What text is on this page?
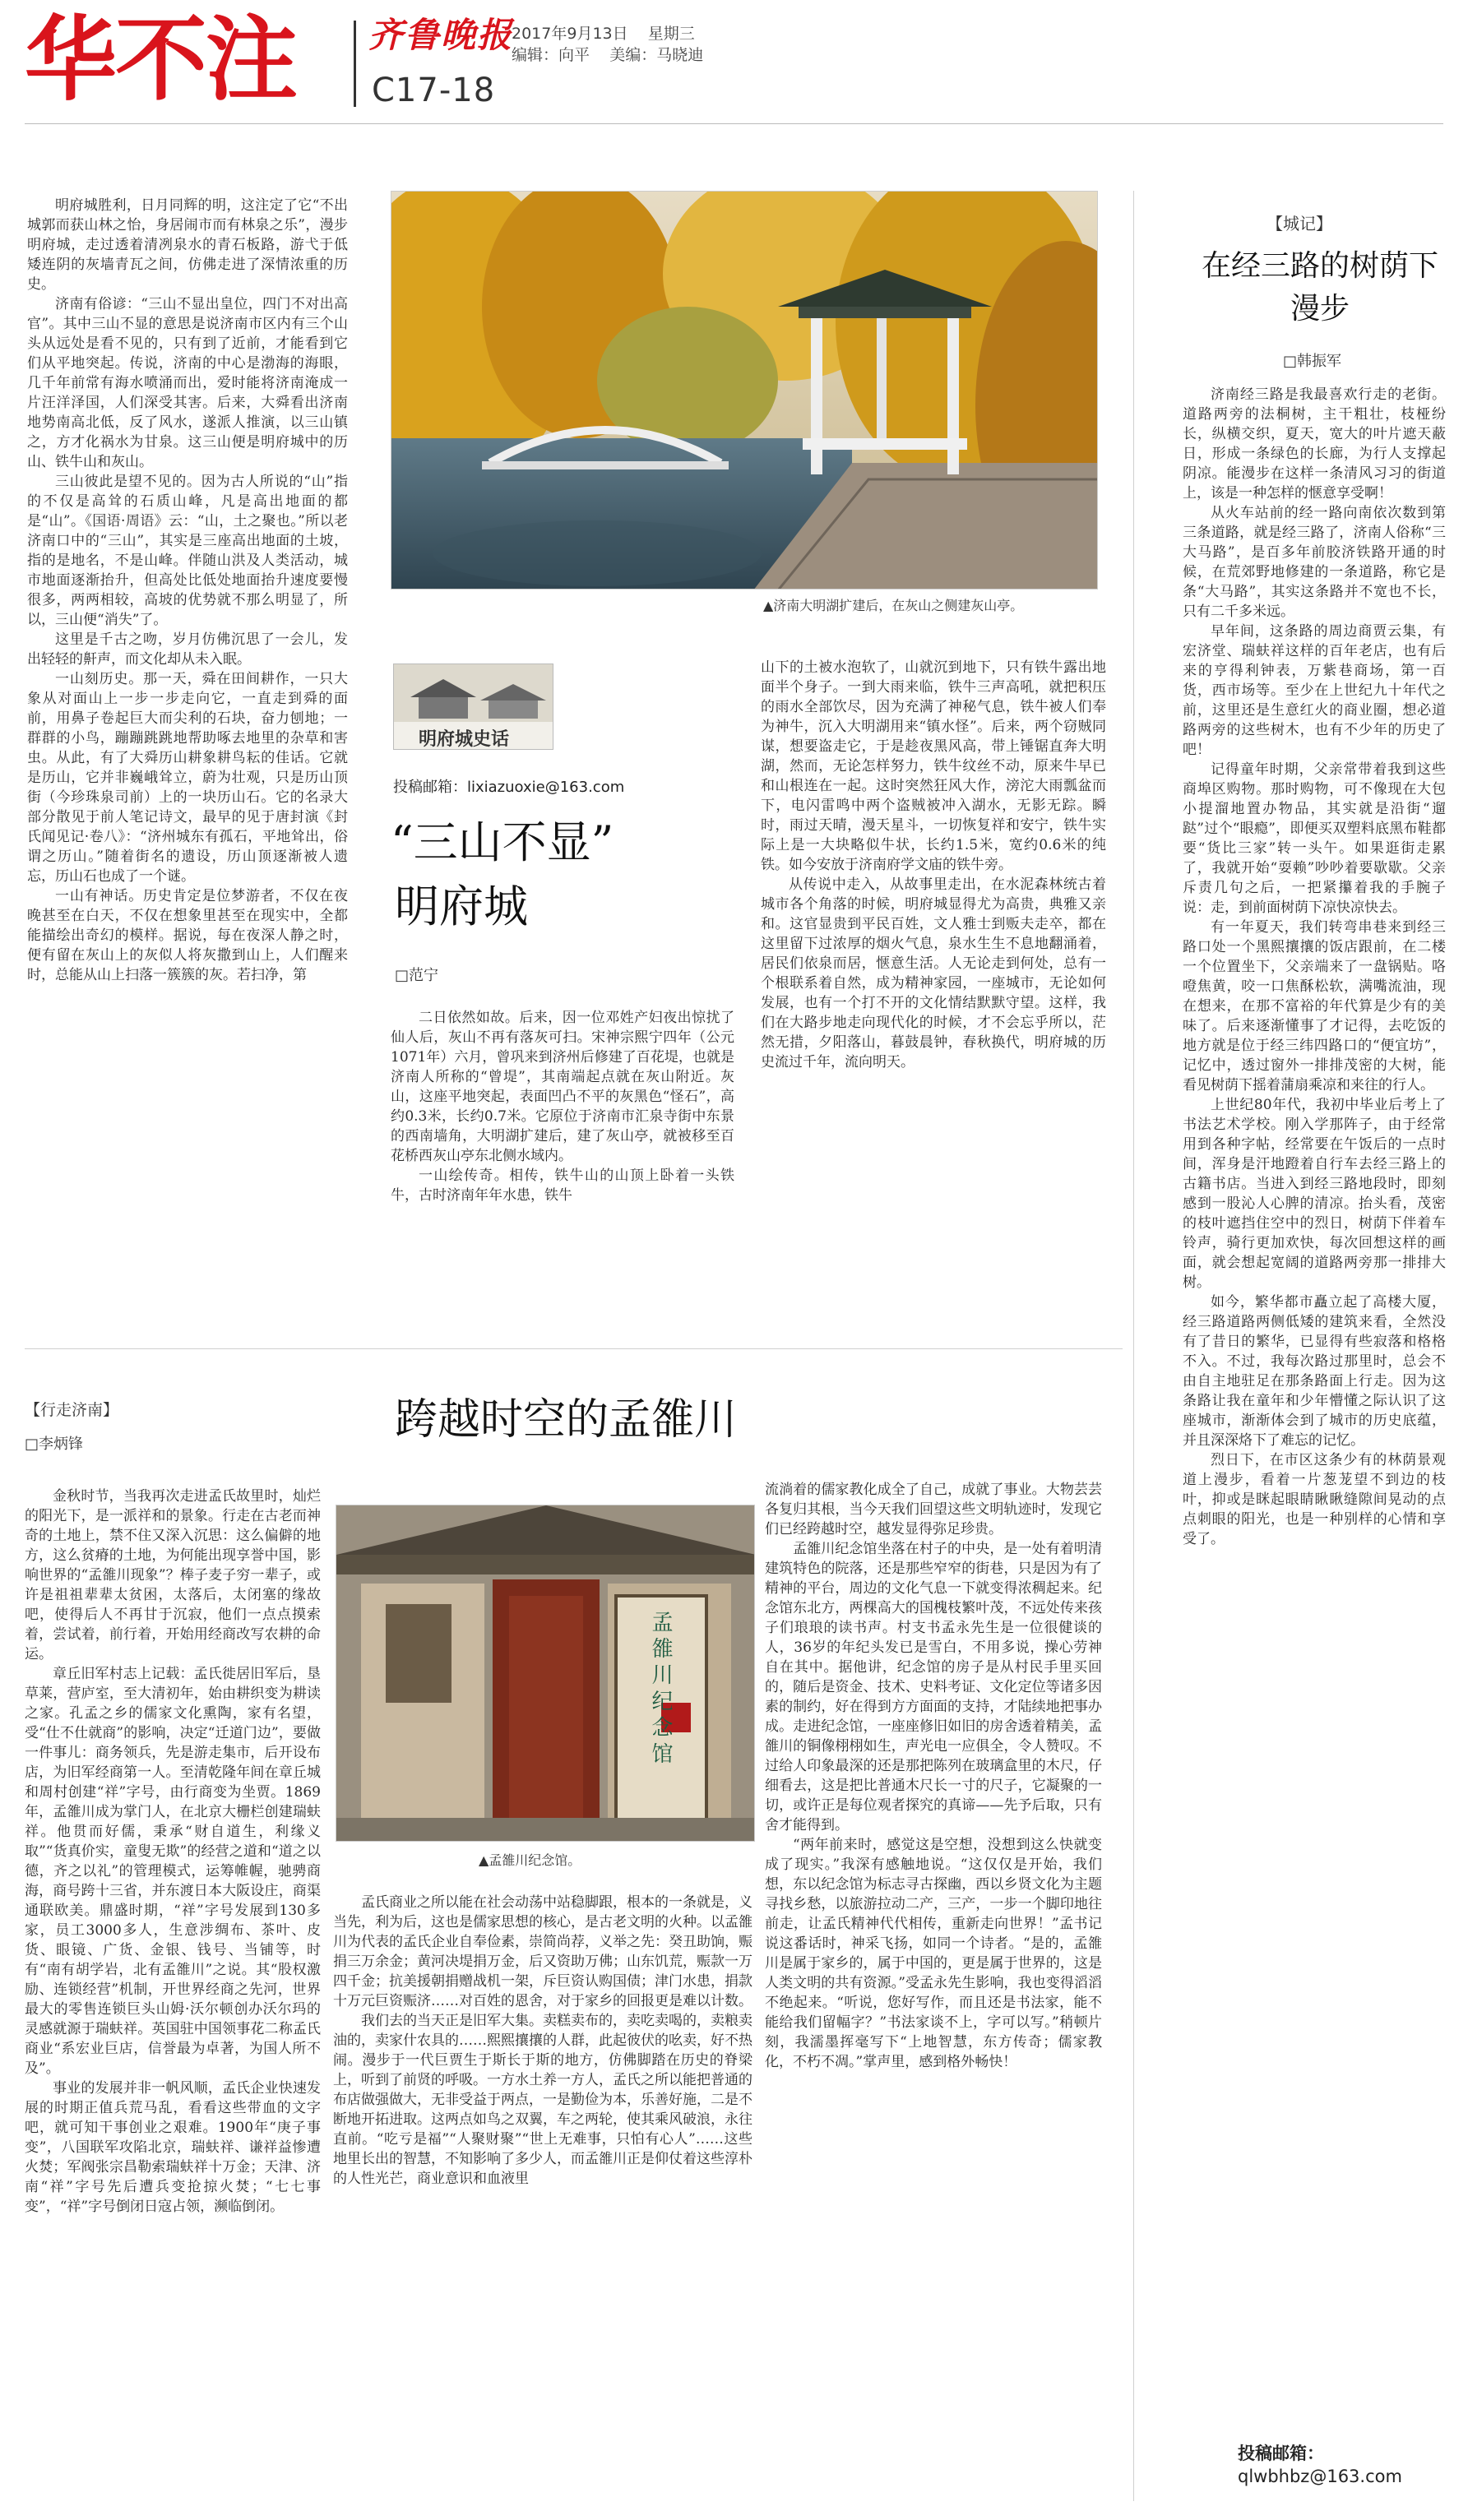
华不注 齐鲁晚报
2017年9月13日 星期三
编辑：向平 美编：马晓迪
C17-18

明府城胜利，日月同辉的明，这注定了它“不出城郭而获山林之怡，身居闹市而有林泉之乐”，漫步明府城，走过透着清冽泉水的青石板路，游弋于低矮连阴的灰墙青瓦之间，仿佛走进了深情浓重的历史。

济南有俗谚：“三山不显出皇位，四门不对出高官”。其中三山不显的意思是说济南市区内有三个山头从远处是看不见的，只有到了近前，才能看到它们从平地突起。传说，济南的中心是渤海的海眼，几千年前常有海水喷涌而出，爱时能将济南淹成一片汪洋泽国，人们深受其害。后来，大舜看出济南地势南高北低，反了风水，遂派人推演，以三山镇之，方才化祸水为甘泉。这三山便是明府城中的历山、铁牛山和灰山。

三山彼此是望不见的。因为古人所说的“山”指的不仅是高耸的石质山峰，凡是高出地面的都是“山”。《国语·周语》云：“山，土之聚也。”所以老济南口中的“三山”，其实是三座高出地面的土坡，指的是地名，不是山峰。伴随山洪及人类活动，城市地面逐渐抬升，但高处比低处地面抬升速度要慢很多，两两相较，高坡的优势就不那么明显了，所以，三山便“消失”了。

这里是千古之吻，岁月仿佛沉思了一会儿，发出轻轻的鼾声，而文化却从未入眠。

一山刻历史。那一天，舜在田间耕作，一只大象从对面山上一步一步走向它，一直走到舜的面前，用鼻子卷起巨大而尖利的石块，奋力刨地；一群群的小鸟，蹦蹦跳跳地帮助啄去地里的杂草和害虫。从此，有了大舜历山耕象耕鸟耘的佳话。它就是历山，它并非巍峨耸立，蔚为壮观，只是历山顶街（今珍珠泉司前）上的一块历山石。它的名录大部分散见于前人笔记诗文，最早的见于唐封演《封氏闻见记·卷八》：“济州城东有孤石，平地耸出，俗谓之历山。”随着街名的遗设，历山顶逐渐被人遗忘，历山石也成了一个谜。

一山有神话。历史肯定是位梦游者，不仅在夜晚甚至在白天，不仅在想象里甚至在现实中，全都能描绘出奇幻的模样。据说，每在夜深人静之时，便有留在灰山上的灰似人将灰撒到山上，人们醒来时，总能从山上扫落一簇簇的灰。若扫净，第

▲济南大明湖扩建后，在灰山之侧建灰山亭。
明府城史话
投稿邮箱：lixiazuoxie@163.com
“三山不显”
明府城
□范宁

二日依然如故。后来，因一位邓姓产妇夜出惊扰了仙人后，灰山不再有落灰可扫。宋神宗熙宁四年（公元1071年）六月，曾巩来到济州后修建了百花堤，也就是济南人所称的“曾堤”，其南端起点就在灰山附近。灰山，这座平地突起，表面凹凸不平的灰黑色“怪石”，高约0.3米，长约0.7米。它原位于济南市汇泉寺街中东景的西南墙角，大明湖扩建后，建了灰山亭，就被移至百花桥西灰山亭东北侧水域内。

一山绘传奇。相传，铁牛山的山顶上卧着一头铁牛，古时济南年年水患，铁牛

山下的土被水泡软了，山就沉到地下，只有铁牛露出地面半个身子。一到大雨来临，铁牛三声高吼，就把积压的雨水全部饮尽，因为充满了神秘气息，铁牛被人们奉为神牛，沉入大明湖用来“镇水怪”。后来，两个窃贼同谋，想要盗走它，于是趁夜黑风高，带上锤锯直奔大明湖，然而，无论怎样努力，铁牛纹丝不动，原来牛早已和山根连在一起。这时突然狂风大作，滂沱大雨瓢盆而下，电闪雷鸣中两个盗贼被冲入湖水，无影无踪。瞬时，雨过天晴，漫天星斗，一切恢复祥和安宁，铁牛实际上是一大块略似牛状，长约1.5米，宽约0.6米的纯铁。如今安放于济南府学文庙的铁牛旁。

从传说中走入，从故事里走出，在水泥森林统古着城市各个角落的时候，明府城显得尤为高贵，典雅又亲和。这官显贵到平民百姓，文人雅士到贩夫走卒，都在这里留下过浓厚的烟火气息，泉水生生不息地翻涌着，居民们依泉而居，惬意生活。人无论走到何处，总有一个根联系着自然，成为精神家园，一座城市，无论如何发展，也有一个打不开的文化情结默默守望。这样，我们在大路步地走向现代化的时候，才不会忘乎所以，茫然无措，夕阳落山，暮鼓晨钟，春秋换代，明府城的历史流过千年，流向明天。

【城记】
在经三路的树荫下
漫步
□韩振军

济南经三路是我最喜欢行走的老街。道路两旁的法桐树，主干粗壮，枝桠纷长，纵横交织，夏天，宽大的叶片遮天蔽日，形成一条绿色的长廊，为行人支撑起阴凉。能漫步在这样一条清风习习的街道上，该是一种怎样的惬意享受啊！

从火车站前的经一路向南依次数到第三条道路，就是经三路了，济南人俗称“三大马路”，是百多年前胶济铁路开通的时候，在荒郊野地修建的一条道路，称它是条“大马路”，其实这条路并不宽也不长，只有二千多米远。

早年间，这条路的周边商贾云集，有宏济堂、瑞蚨祥这样的百年老店，也有后来的亨得利钟表，万紫巷商场，第一百货，西市场等。至少在上世纪九十年代之前，这里还是生意红火的商业圈，想必道路两旁的这些树木，也有不少年的历史了吧！

记得童年时期，父亲常带着我到这些商埠区购物。那时购物，可不像现在大包小提溜地置办物品，其实就是沿街“遛跶”过个“眼瘾”，即便买双塑料底黑布鞋都要“货比三家”转一头午。如果逛街走累了，我就开始“耍赖”吵吵着要歇歇。父亲斥责几句之后，一把紧攥着我的手腕子说：走，到前面树荫下凉快凉快去。

有一年夏天，我们转弯串巷来到经三路口处一个黑熙攘攘的饭店跟前，在二楼一个位置坐下，父亲端来了一盘锅贴。咯噔焦黄，咬一口焦酥松软，满嘴流油，现在想来，在那不富裕的年代算是少有的美味了。后来逐渐懂事了才记得，去吃饭的地方就是位于经三纬四路口的“便宜坊”，记忆中，透过窗外一排排茂密的大树，能看见树荫下摇着蒲扇乘凉和来往的行人。

上世纪80年代，我初中毕业后考上了书法艺术学校。刚入学那阵子，由于经常用到各种字帖，经常要在午饭后的一点时间，浑身是汗地蹬着自行车去经三路上的古籍书店。当进入到经三路地段时，即刻感到一股沁人心脾的清凉。抬头看，茂密的枝叶遮挡住空中的烈日，树荫下伴着车铃声，骑行更加欢快，每次回想这样的画面，就会想起宽阔的道路两旁那一排排大树。

如今，繁华都市矗立起了高楼大厦，经三路道路两侧低矮的建筑来看，全然没有了昔日的繁华，已显得有些寂落和格格不入。不过，我每次路过那里时，总会不由自主地驻足在那条路面上行走。因为这条路让我在童年和少年懵懂之际认识了这座城市，渐渐体会到了城市的历史底蕴，并且深深烙下了难忘的记忆。

烈日下，在市区这条少有的林荫景观道上漫步，看着一片葱茏望不到边的枝叶，抑或是眯起眼睛瞅瞅缝隙间晃动的点点刺眼的阳光，也是一种别样的心情和享受了。

投稿邮箱：
qlwbhbz@163.com
【行走济南】
□李炳锋	跨越时空的孟雒川
孟雒川纪念馆
▲孟雒川纪念馆。

金秋时节，当我再次走进孟氏故里时，灿烂的阳光下，是一派祥和的景象。行走在古老而神奇的土地上，禁不住又深入沉思：这么偏僻的地方，这么贫瘠的土地，为何能出现享誉中国，影响世界的“孟雒川现象”？棒子麦子穷一辈子，或许是祖祖辈辈太贫困，太落后，太闭塞的缘故吧，使得后人不再甘于沉寂，他们一点点摸索着，尝试着，前行着，开始用经商改写农耕的命运。

章丘旧军村志上记载：孟氏徙居旧军后，垦草莱，营庐室，至大清初年，始由耕织变为耕读之家。孔孟之乡的儒家文化熏陶，家有名望，受“仕不仕就商”的影响，决定“迁道门边”，要做一件事儿：商务领兵，先是游走集市，后开设布店，为旧军经商第一人。至清乾隆年间在章丘城和周村创建“祥”字号，由行商变为坐贾。1869年，孟雒川成为掌门人，在北京大栅栏创建瑞蚨祥。他贯而好儒，秉承“财自道生，利缘义取”“货真价实，童叟无欺”的经营之道和“道之以德，齐之以礼”的管理模式，运筹帷幄，驰骋商海，商号跨十三省，并东渡日本大阪设庄，商渠通联欧美。鼎盛时期，“祥”字号发展到130多家，员工3000多人，生意涉绸布、茶叶、皮货、眼镜、广货、金银、钱号、当铺等，时有“南有胡学岩，北有孟雒川”之说。其“股权激励、连锁经营”机制，开世界经商之先河，世界最大的零售连锁巨头山姆·沃尔顿创办沃尔玛的灵感就源于瑞蚨祥。英国驻中国领事花二称孟氏商业“系宏业巨店，信誉最为卓著，为国人所不及”。

事业的发展并非一帆风顺，孟氏企业快速发展的时期正值兵荒马乱，看看这些带血的文字吧，就可知干事创业之艰难。1900年“庚子事变”，八国联军攻陷北京，瑞蚨祥、谦祥益惨遭火焚；军阀张宗昌勒索瑞蚨祥十万金；天津、济南“祥”字号先后遭兵变抢掠火焚；“七七事变”，“祥”字号倒闭日寇占领，濒临倒闭。

孟氏商业之所以能在社会动荡中站稳脚跟，根本的一条就是，义当先，利为后，这也是儒家思想的核心，是古老文明的火种。以孟雒川为代表的孟氏企业自奉俭素，崇简尚荐，义举之先：癸丑助饷，赈捐三万余金；黄河决堤捐万金，后又资助万佛；山东饥荒，赈款一万四千金；抗美援朝捐赠战机一架，斥巨资认购国债；津门水患，捐款十万元巨资赈济……对百姓的恩舍，对于家乡的回报更是难以计数。

我们去的当天正是旧军大集。卖糕卖布的，卖吃卖喝的，卖粮卖油的，卖家什农具的……熙熙攘攘的人群，此起彼伏的吆卖，好不热闹。漫步于一代巨贾生于斯长于斯的地方，仿佛脚踏在历史的脊梁上，听到了前贤的呼吸。一方水土养一方人，孟氏之所以能把普通的布店做强做大，无非受益于两点，一是勤俭为本，乐善好施，二是不断地开拓进取。这两点如鸟之双翼，车之两轮，使其乘风破浪，永往直前。“吃亏是福”“人聚财聚”“世上无难事，只怕有心人”……这些地里长出的智慧，不知影响了多少人，而孟雒川正是仰仗着这些淳朴的人性光芒，商业意识和血液里

流淌着的儒家教化成全了自己，成就了事业。大物芸芸各复归其根，当今天我们回望这些文明轨迹时，发现它们已经跨越时空，越发显得弥足珍贵。

孟雒川纪念馆坐落在村子的中央，是一处有着明清建筑特色的院落，还是那些窄窄的街巷，只是因为有了精神的平台，周边的文化气息一下就变得浓稠起来。纪念馆东北方，两棵高大的国槐枝繁叶茂，不远处传来孩子们琅琅的读书声。村支书孟永先生是一位很健谈的人，36岁的年纪头发已是雪白，不用多说，操心劳神自在其中。据他讲，纪念馆的房子是从村民手里买回的，随后是资金、技术、史料考证、文化定位等诸多因素的制约，好在得到方方面面的支持，才陆续地把事办成。走进纪念馆，一座座修旧如旧的房舍透着精美，孟雒川的铜像栩栩如生，声光电一应俱全，令人赞叹。不过给人印象最深的还是那把陈列在玻璃盒里的木尺，仔细看去，这是把比普通木尺长一寸的尺子，它凝聚的一切，或许正是每位观者探究的真谛——先予后取，只有舍才能得到。

“两年前来时，感觉这是空想，没想到这么快就变成了现实。”我深有感触地说。“这仅仅是开始，我们想，东以纪念馆为标志寻古探幽，西以乡贤文化为主题寻找乡愁，以旅游拉动二产，三产，一步一个脚印地往前走，让孟氏精神代代相传，重新走向世界！”孟书记说这番话时，神采飞扬，如同一个诗者。“是的，孟雒川是属于家乡的，属于中国的，更是属于世界的，这是人类文明的共有资源。”受孟永先生影响，我也变得滔滔不绝起来。“听说，您好写作，而且还是书法家，能不能给我们留幅字？”书法家谈不上，字可以写。”稍顿片刻，我濡墨挥毫写下“上地智慧，东方传奇；儒家教化，不朽不凋。”掌声里，感到格外畅快！
